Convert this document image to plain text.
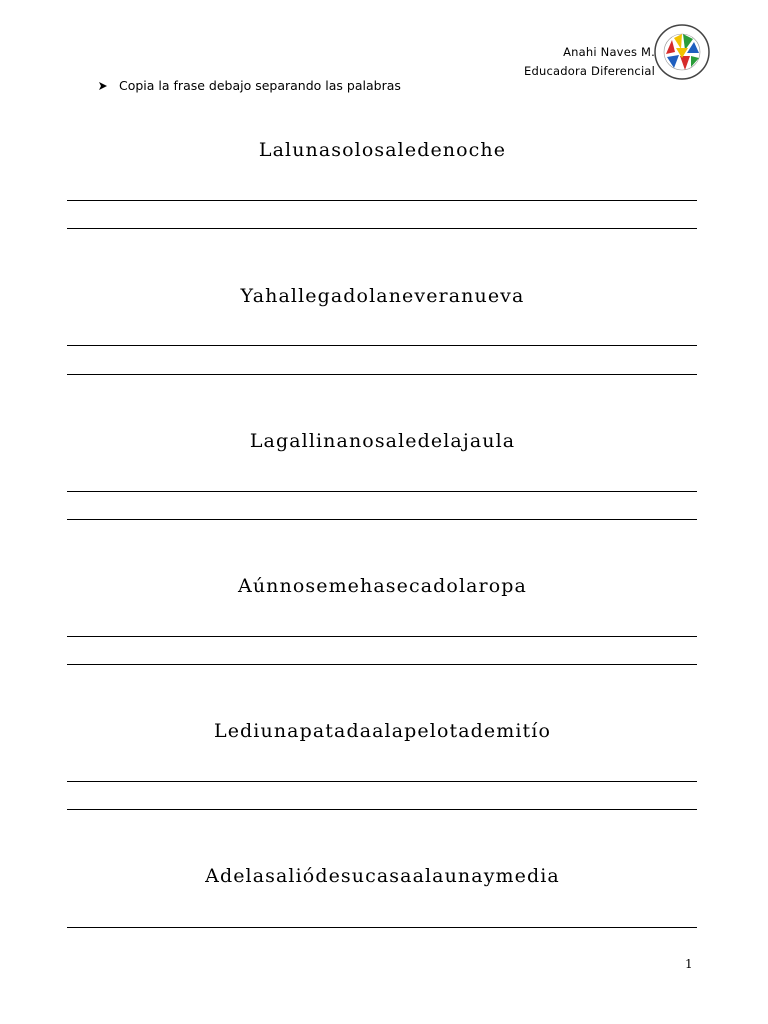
Anahi Naves M.
Educadora Diferencial
Copia la frase debajo separando las palabras
Lalunasolosaledenoche
Yahallegadolaneveranueva
Lagallinanosaledelajaula
Aúnnosemehasecadolaropa
Lediunapatadaalapelotademitío
Adelasaliódesucasaalaunaymedia
1
